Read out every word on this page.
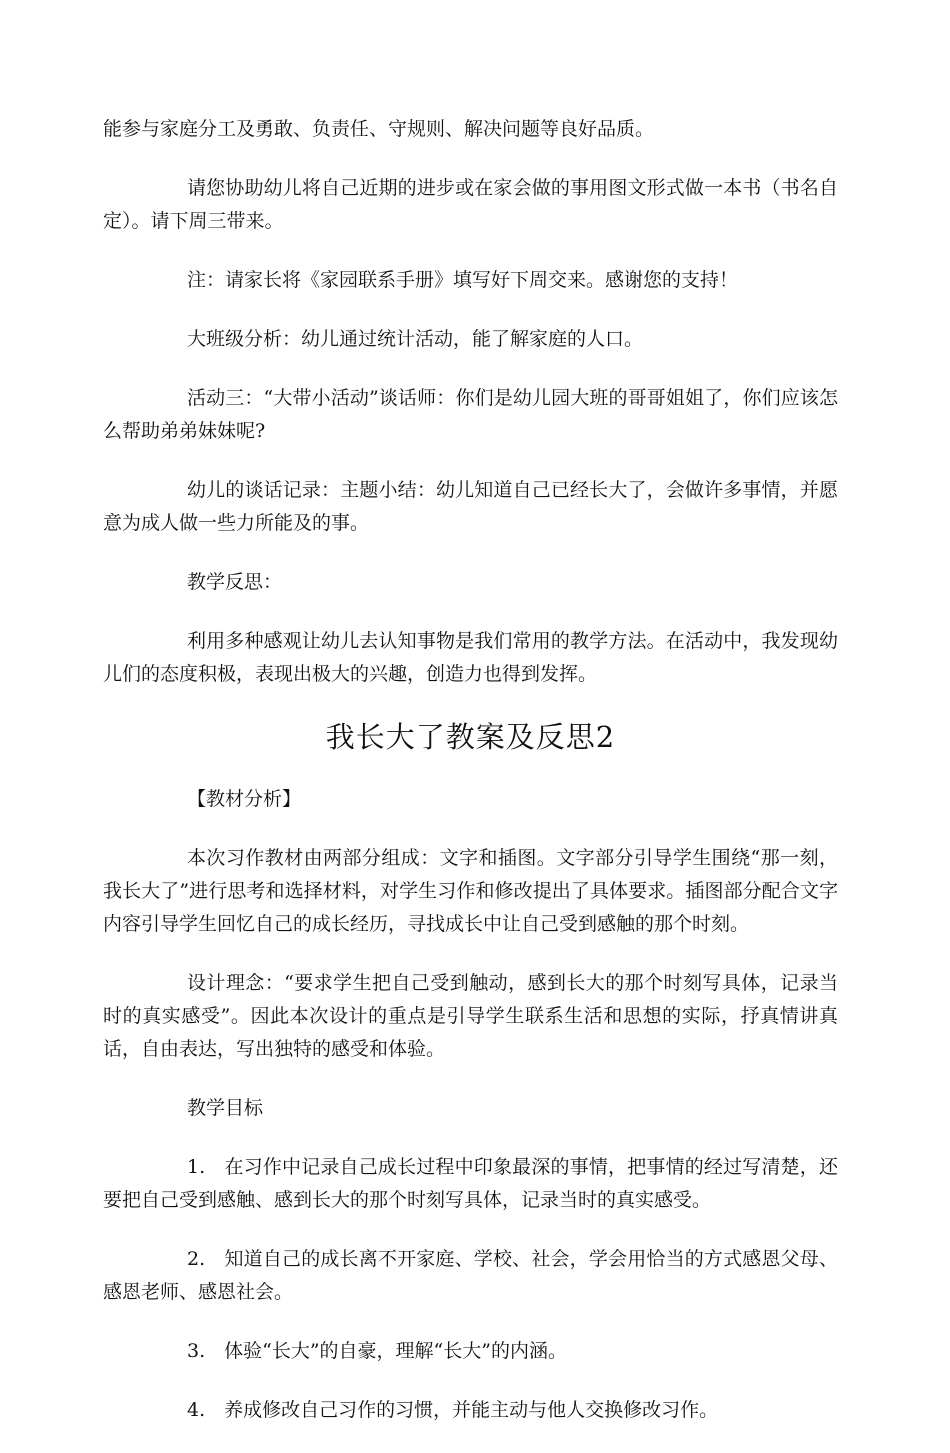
能参与家庭分工及勇敢、负责任、守规则、解决问题等良好品质。

请您协助幼儿将自己近期的进步或在家会做的事用图文形式做一本书（书名自定）。请下周三带来。

注：请家长将《家园联系手册》填写好下周交来。感谢您的支持！

大班级分析：幼儿通过统计活动，能了解家庭的人口。

活动三：“大带小活动”谈话师：你们是幼儿园大班的哥哥姐姐了，你们应该怎么帮助弟弟妹妹呢?

幼儿的谈话记录：主题小结：幼儿知道自己已经长大了，会做许多事情，并愿意为成人做一些力所能及的事。

教学反思：

利用多种感观让幼儿去认知事物是我们常用的教学方法。在活动中，我发现幼儿们的态度积极，表现出极大的兴趣，创造力也得到发挥。

我长大了教案及反思2

【教材分析】

本次习作教材由两部分组成：文字和插图。文字部分引导学生围绕“那一刻，我长大了”进行思考和选择材料，对学生习作和修改提出了具体要求。插图部分配合文字内容引导学生回忆自己的成长经历，寻找成长中让自己受到感触的那个时刻。

设计理念：“要求学生把自己受到触动，感到长大的那个时刻写具体，记录当时的真实感受”。因此本次设计的重点是引导学生联系生活和思想的实际，抒真情讲真话，自由表达，写出独特的感受和体验。

教学目标

1.　在习作中记录自己成长过程中印象最深的事情，把事情的经过写清楚，还要把自己受到感触、感到长大的那个时刻写具体，记录当时的真实感受。

2.　知道自己的成长离不开家庭、学校、社会，学会用恰当的方式感恩父母、感恩老师、感恩社会。

3.　体验“长大”的自豪，理解“长大”的内涵。

4.　养成修改自己习作的习惯，并能主动与他人交换修改习作。
